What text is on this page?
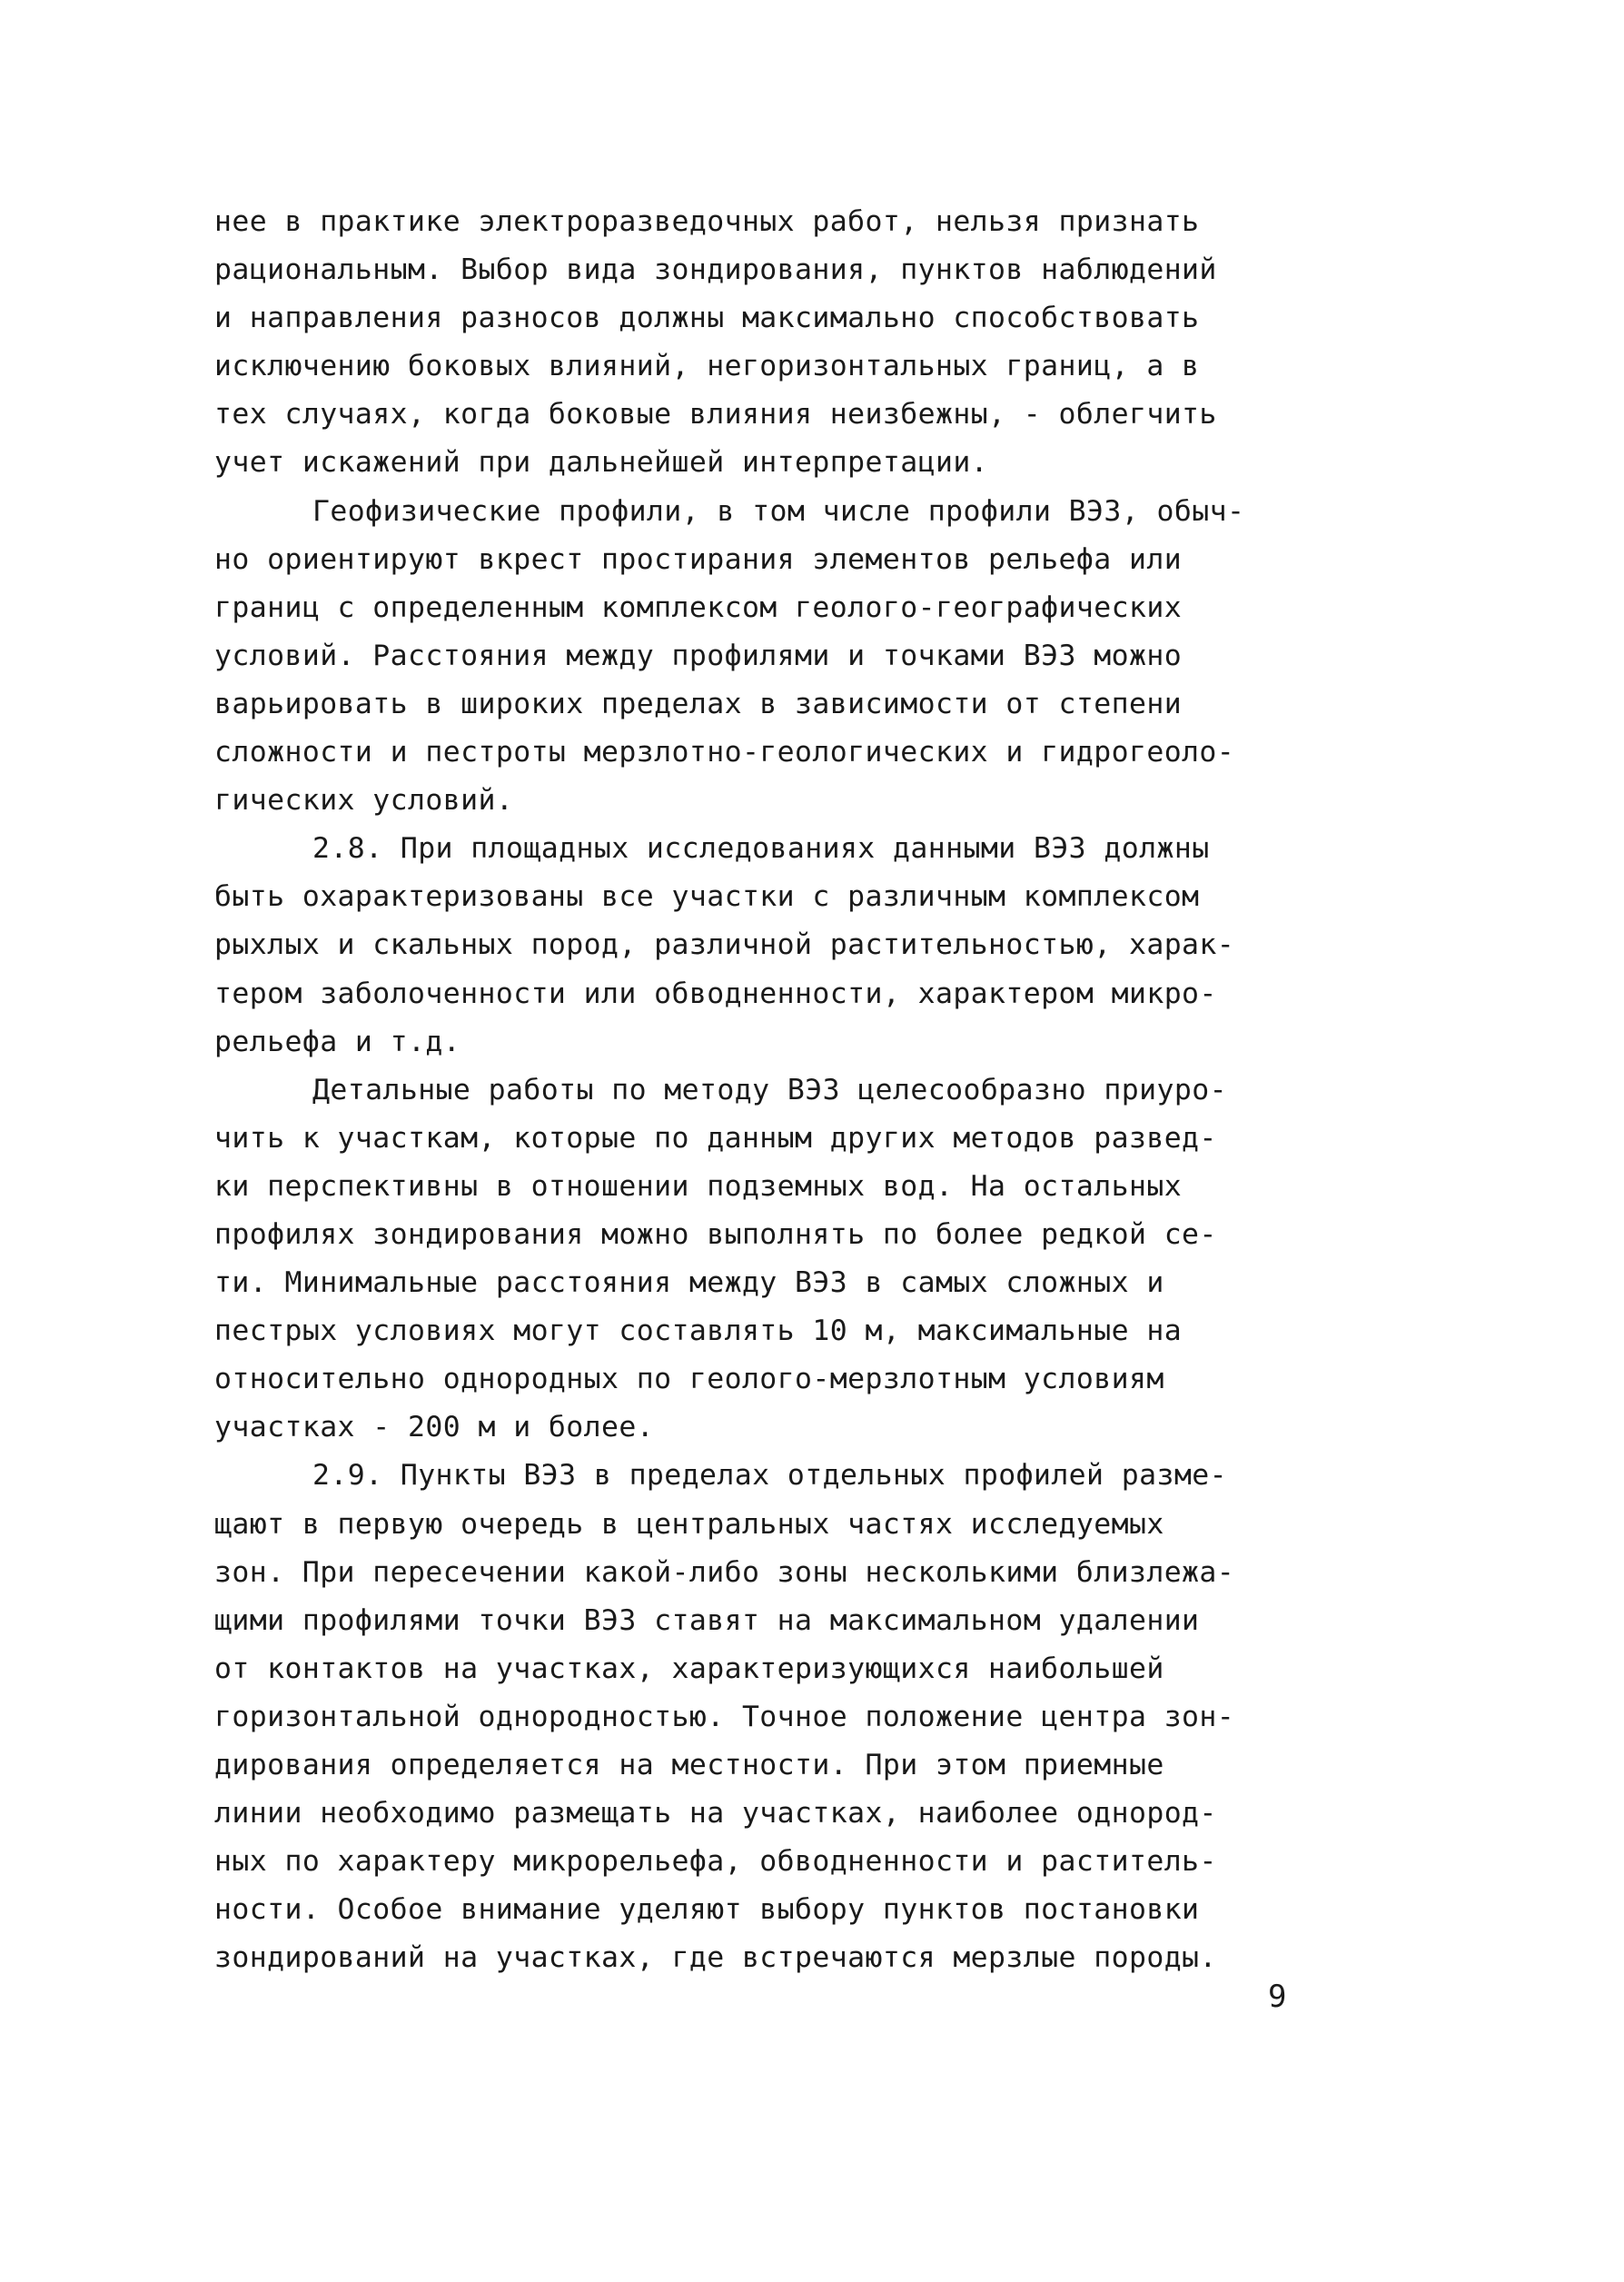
нее в практике электроразведочных работ, нельзя признать
рациональным. Выбор вида зондирования, пунктов наблюдений
и направления разносов должны максимально способствовать
исключению боковых влияний, негоризонтальных границ, а в
тех случаях, когда боковые влияния неизбежны, - облегчить
учет искажений при дальнейшей интерпретации.
Геофизические профили, в том числе профили ВЭЗ, обыч-
но ориентируют вкрест простирания элементов рельефа или
границ с определенным комплексом геолого-географических
условий. Расстояния между профилями и точками ВЭЗ можно
варьировать в широких пределах в зависимости от степени
сложности и пестроты мерзлотно-геологических и гидрогеоло-
гических условий.
2.8. При площадных исследованиях данными ВЭЗ должны
быть охарактеризованы все участки с различным комплексом
рыхлых и скальных пород, различной растительностью, харак-
тером заболоченности или обводненности, характером микро-
рельефа и т.д.
Детальные работы по методу ВЭЗ целесообразно приуро-
чить к участкам, которые по данным других методов развед-
ки перспективны в отношении подземных вод. На остальных
профилях зондирования можно выполнять по более редкой се-
ти. Минимальные расстояния между ВЭЗ в самых сложных и
пестрых условиях могут составлять 10 м, максимальные на
относительно однородных по геолого-мерзлотным условиям
участках - 200 м и более.
2.9. Пункты ВЭЗ в пределах отдельных профилей разме-
щают в первую очередь в центральных частях исследуемых
зон. При пересечении какой-либо зоны несколькими близлежа-
щими профилями точки ВЭЗ ставят на максимальном удалении
от контактов на участках, характеризующихся наибольшей
горизонтальной однородностью. Точное положение центра зон-
дирования определяется на местности. При этом приемные
линии необходимо размещать на участках, наиболее однород-
ных по характеру микрорельефа, обводненности и раститель-
ности. Особое внимание уделяют выбору пунктов постановки
зондирований на участках, где встречаются мерзлые породы.
9
